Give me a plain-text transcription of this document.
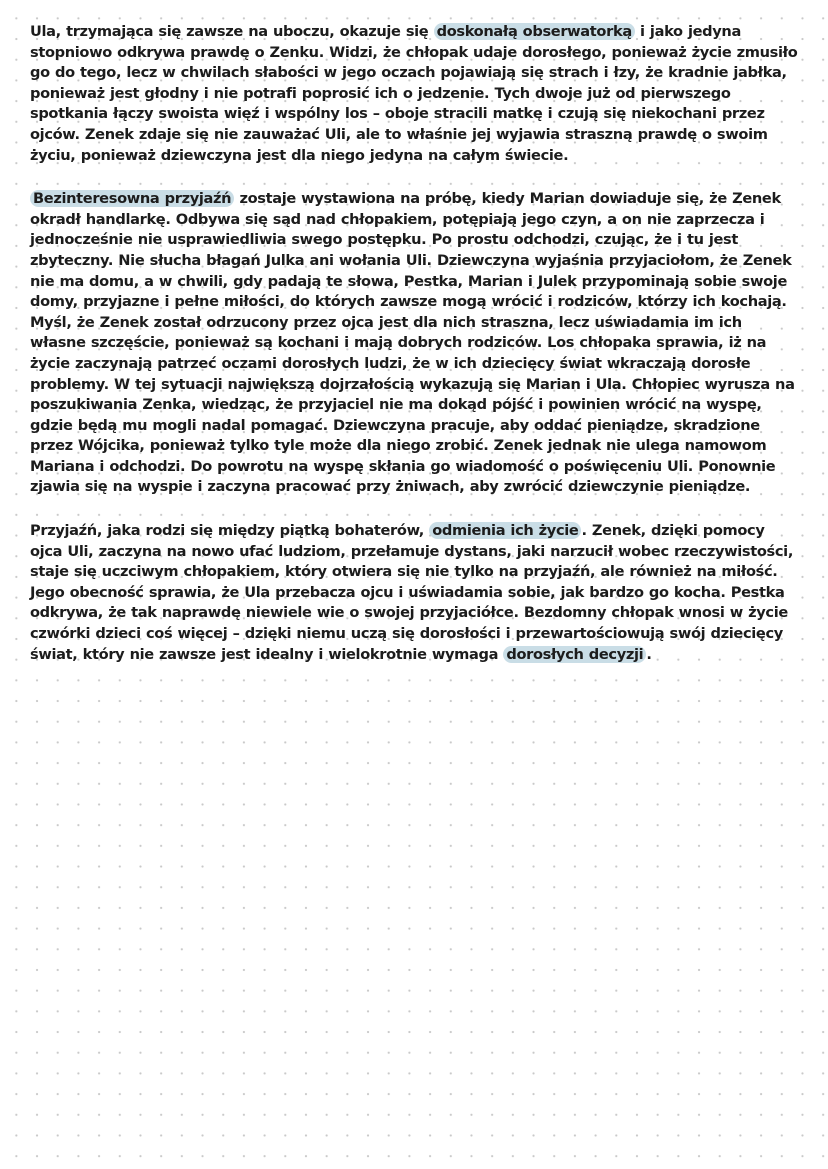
Ula, trzymająca się zawsze na uboczu, okazuje się doskonałą obserwatorką i jako jedyna stopniowo odkrywa prawdę o Zenku. Widzi, że chłopak udaje dorosłego, ponieważ życie zmusiło go do tego, lecz w chwilach słabości w jego oczach pojawiają się strach i łzy, że kradnie jabłka, ponieważ jest głodny i nie potrafi poprosić ich o jedzenie. Tych dwoje już od pierwszego spotkania łączy swoista więź i wspólny los – oboje stracili matkę i czują się niekochani przez ojców. Zenek zdaje się nie zauważać Uli, ale to właśnie jej wyjawia straszną prawdę o swoim życiu, ponieważ dziewczyna jest dla niego jedyna na całym świecie.

Bezinteresowna przyjaźń zostaje wystawiona na próbę, kiedy Marian dowiaduje się, że Zenek okradł handlarkę. Odbywa się sąd nad chłopakiem, potępiają jego czyn, a on nie zaprzecza i jednocześnie nie usprawiedliwia swego postępku. Po prostu odchodzi, czując, że i tu jest zbyteczny. Nie słucha błagań Julka ani wołania Uli. Dziewczyna wyjaśnia przyjaciołom, że Zenek nie ma domu, a w chwili, gdy padają te słowa, Pestka, Marian i Julek przypominają sobie swoje domy, przyjazne i pełne miłości, do których zawsze mogą wrócić i rodziców, którzy ich kochają. Myśl, że Zenek został odrzucony przez ojca jest dla nich straszna, lecz uświadamia im ich własne szczęście, ponieważ są kochani i mają dobrych rodziców. Los chłopaka sprawia, iż na życie zaczynają patrzeć oczami dorosłych ludzi, że w ich dziecięcy świat wkraczają dorosłe problemy. W tej sytuacji największą dojrzałością wykazują się Marian i Ula. Chłopiec wyrusza na poszukiwania Zenka, wiedząc, że przyjaciel nie ma dokąd pójść i powinien wrócić na wyspę, gdzie będą mu mogli nadal pomagać. Dziewczyna pracuje, aby oddać pieniądze, skradzione przez Wójcika, ponieważ tylko tyle może dla niego zrobić. Zenek jednak nie ulega namowom Mariana i odchodzi. Do powrotu na wyspę skłania go wiadomość o poświęceniu Uli. Ponownie zjawia się na wyspie i zaczyna pracować przy żniwach, aby zwrócić dziewczynie pieniądze.

Przyjaźń, jaka rodzi się między piątką bohaterów, odmienia ich życie . Zenek, dzięki pomocy ojca Uli, zaczyna na nowo ufać ludziom, przełamuje dystans, jaki narzucił wobec rzeczywistości, staje się uczciwym chłopakiem, który otwiera się nie tylko na przyjaźń, ale również na miłość. Jego obecność sprawia, że Ula przebacza ojcu i uświadamia sobie, jak bardzo go kocha. Pestka odkrywa, że tak naprawdę niewiele wie o swojej przyjaciółce. Bezdomny chłopak wnosi w życie czwórki dzieci coś więcej – dzięki niemu uczą się dorosłości i przewartościowują swój dziecięcy świat, który nie zawsze jest idealny i wielokrotnie wymaga dorosłych decyzji .
